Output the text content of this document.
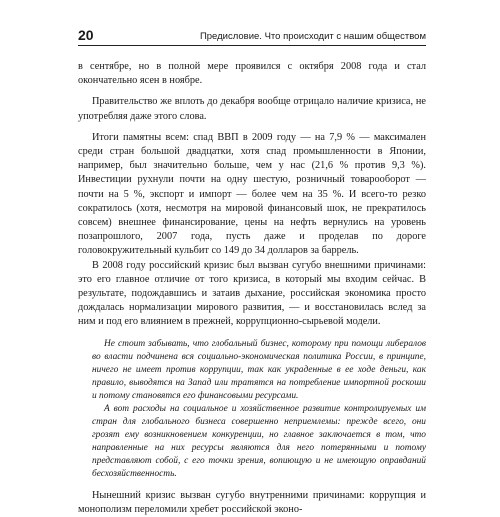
20	Предисловие. Что происходит с нашим обществом

в сентябре, но в полной мере проявился с октября 2008 года и стал окончательно ясен в ноябре.

Правительство же вплоть до декабря вообще отрицало наличие кризиса, не употребляя даже этого слова.

Итоги памятны всем: спад ВВП в 2009 году — на 7,9 % — максимален среди стран большой двадцатки, хотя спад промышленности в Японии, например, был значительно больше, чем у нас (21,6 % против 9,3 %). Инвестиции рухнули почти на одну шестую, розничный товарооборот — почти на 5 %, экспорт и импорт — более чем на 35 %. И всего-то резко сократилось (хотя, несмотря на мировой финансовый шок, не прекратилось совсем) внешнее финансирование, цены на нефть вернулись на уровень позапрошлого, 2007 года, пусть даже и проделав по дороге головокружительный кульбит со 149 до 34 долларов за баррель.

В 2008 году российский кризис был вызван сугубо внешними причинами: это его главное отличие от того кризиса, в который мы входим сейчас. В результате, подождавшись и затаив дыхание, российская экономика просто дождалась нормализации мирового развития, — и восстановилась вслед за ним и под его влиянием в прежней, коррупционно-сырьевой модели.

Не стоит забывать, что глобальный бизнес, которому при помощи либералов во власти подчинена вся социально-экономическая политика России, в принципе, ничего не имеет против коррупции, так как украденные в ее ходе деньги, как правило, выводятся на Запад или тратятся на потребление импортной роскоши и потому становятся его финансовыми ресурсами.

А вот расходы на социальное и хозяйственное развитие контролируемых им стран для глобального бизнеса совершенно неприемлемы: прежде всего, они грозят ему возникновением конкуренции, но главное заключается в том, что направленные на них ресурсы являются для него потерянными и потому представляют собой, с его точки зрения, вопиющую и не имеющую оправданий бесхозяйственность.

Нынешний кризис вызван сугубо внутренними причинами: коррупция и монополизм переломили хребет российской эконо-
